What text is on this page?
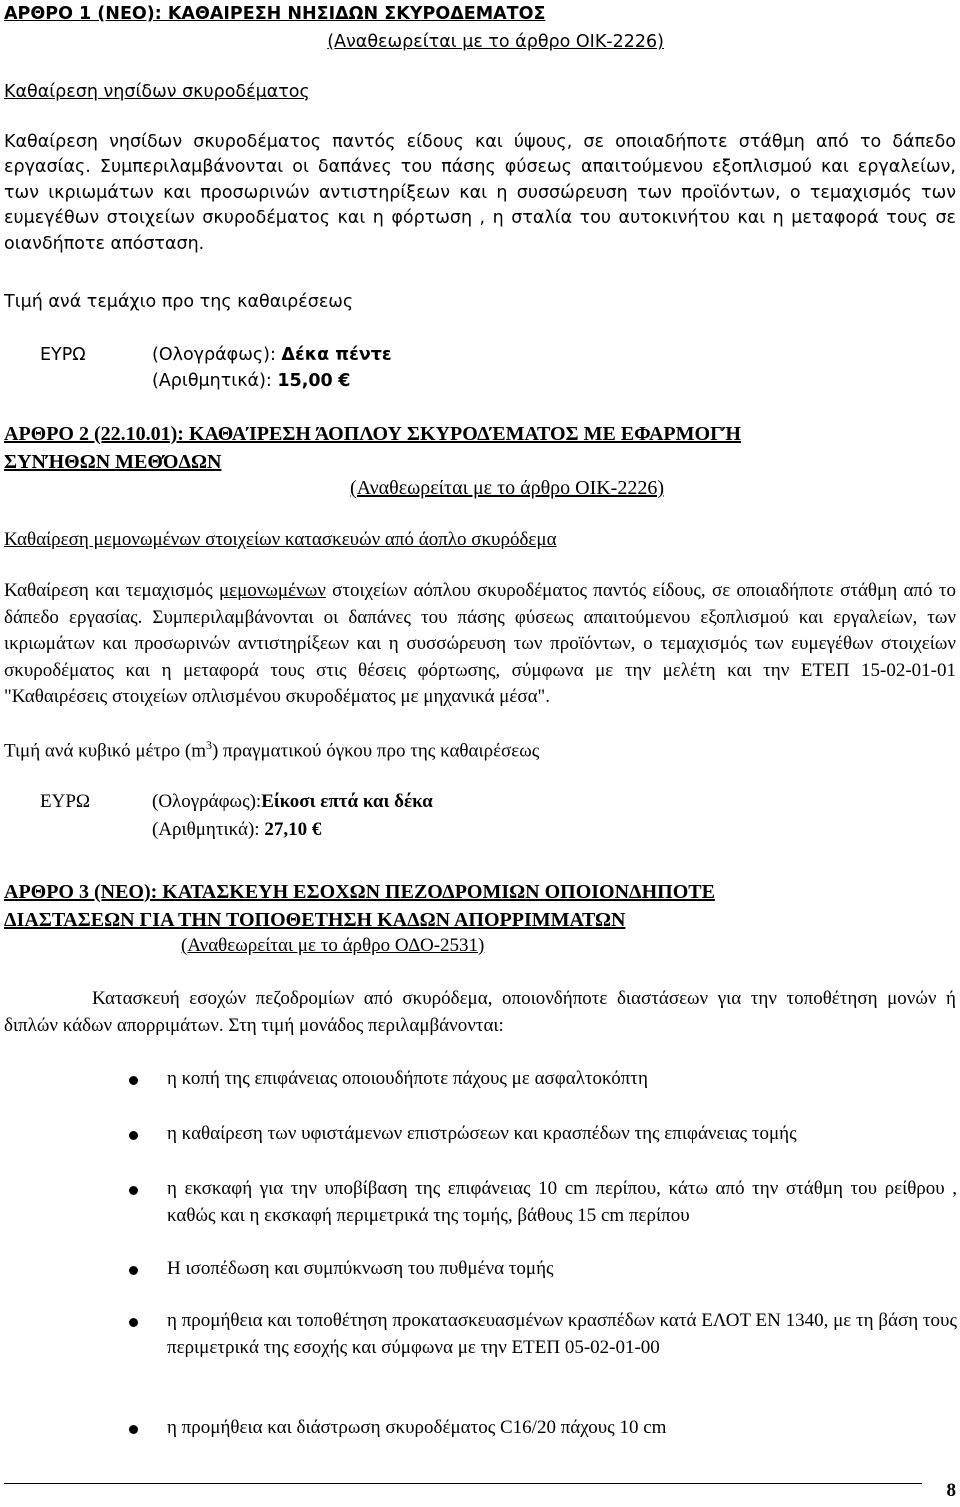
ΑΡΘΡΟ 1 (ΝΕΟ): ΚΑΘΑΙΡΕΣΗ ΝΗΣΙΔΩΝ ΣΚΥΡΟΔΕΜΑΤΟΣ
(Αναθεωρείται με το άρθρο ΟΙΚ-2226)
Καθαίρεση νησίδων σκυροδέματος
Καθαίρεση νησίδων σκυροδέματος παντός είδους και ύψους, σε οποιαδήποτε στάθμη από το δάπεδο εργασίας. Συμπεριλαμβάνονται οι δαπάνες του πάσης φύσεως απαιτούμενου εξοπλισμού και εργαλείων, των ικριωμάτων και προσωρινών αντιστηρίξεων και η συσσώρευση των προϊόντων, ο τεμαχισμός των ευμεγέθων στοιχείων σκυροδέματος και η φόρτωση , η σταλία του αυτοκινήτου και η μεταφορά τους σε οιανδήποτε απόσταση.
Τιμή ανά τεμάχιο προ της καθαιρέσεως
ΕΥΡΩ	(Ολογράφως): Δέκα πέντε
(Αριθμητικά): 15,00 €
ΑΡΘΡΟ 2 (22.10.01): ΚΑΘΑΊΡΕΣΗ ΆΟΠΛΟΥ ΣΚΥΡΟΔΈΜΑΤΟΣ ΜΕ ΕΦΑΡΜΟΓΉ
ΣΥΝΉΘΩΝ ΜΕΘΌΔΩΝ
(Αναθεωρείται με το άρθρο ΟΙΚ-2226)
Καθαίρεση μεμονωμένων στοιχείων κατασκευών από άοπλο σκυρόδεμα
Καθαίρεση και τεμαχισμός μεμονωμένων στοιχείων αόπλου σκυροδέματος παντός είδους, σε οποιαδήποτε στάθμη από το δάπεδο εργασίας. Συμπεριλαμβάνονται οι δαπάνες του πάσης φύσεως απαιτούμενου εξοπλισμού και εργαλείων, των ικριωμάτων και προσωρινών αντιστηρίξεων και η συσσώρευση των προϊόντων, ο τεμαχισμός των ευμεγέθων στοιχείων σκυροδέματος και η μεταφορά τους στις θέσεις φόρτωσης, σύμφωνα με την μελέτη και την ΕΤΕΠ 15-02-01-01 "Καθαιρέσεις στοιχείων οπλισμένου σκυροδέματος με μηχανικά μέσα".
Τιμή ανά κυβικό μέτρο $(m^3)$ πραγματικού όγκου προ της καθαιρέσεως
ΕΥΡΩ	(Ολογράφως):Είκοσι επτά και δέκα
(Αριθμητικά): 27,10 €
ΑΡΘΡΟ 3 (ΝΕΟ): ΚΑΤΑΣΚΕΥΗ ΕΣΟΧΩΝ ΠΕΖΟΔΡΟΜΙΩΝ ΟΠΟΙΟΝΔΗΠΟΤΕ
ΔΙΑΣΤΑΣΕΩΝ ΓΙΑ ΤΗΝ ΤΟΠΟΘΕΤΗΣΗ ΚΑΔΩΝ ΑΠΟΡΡΙΜΜΑΤΩΝ
(Αναθεωρείται με το άρθρο ΟΔΟ-2531)
Κατασκευή εσοχών πεζοδρομίων από σκυρόδεμα, οποιονδήποτε διαστάσεων για την τοποθέτηση μονών ή διπλών κάδων απορριμάτων. Στη τιμή μονάδος περιλαμβάνονται:
η κοπή της επιφάνειας οποιουδήποτε πάχους με ασφαλτοκόπτη
η καθαίρεση των υφιστάμενων επιστρώσεων και κρασπέδων της επιφάνειας τομής
η εκσκαφή για την υποβίβαση της επιφάνειας 10 cm περίπου, κάτω από την στάθμη του ρείθρου , καθώς και η εκσκαφή περιμετρικά της τομής, βάθους 15 cm περίπου
Η ισοπέδωση και συμπύκνωση του πυθμένα τομής
η προμήθεια και τοποθέτηση προκατασκευασμένων κρασπέδων κατά ΕΛΟΤ ΕΝ 1340, με τη βάση τους περιμετρικά της εσοχής και σύμφωνα με την ΕΤΕΠ 05-02-01-00
η προμήθεια και διάστρωση σκυροδέματος C16/20 πάχους 10 cm
8
